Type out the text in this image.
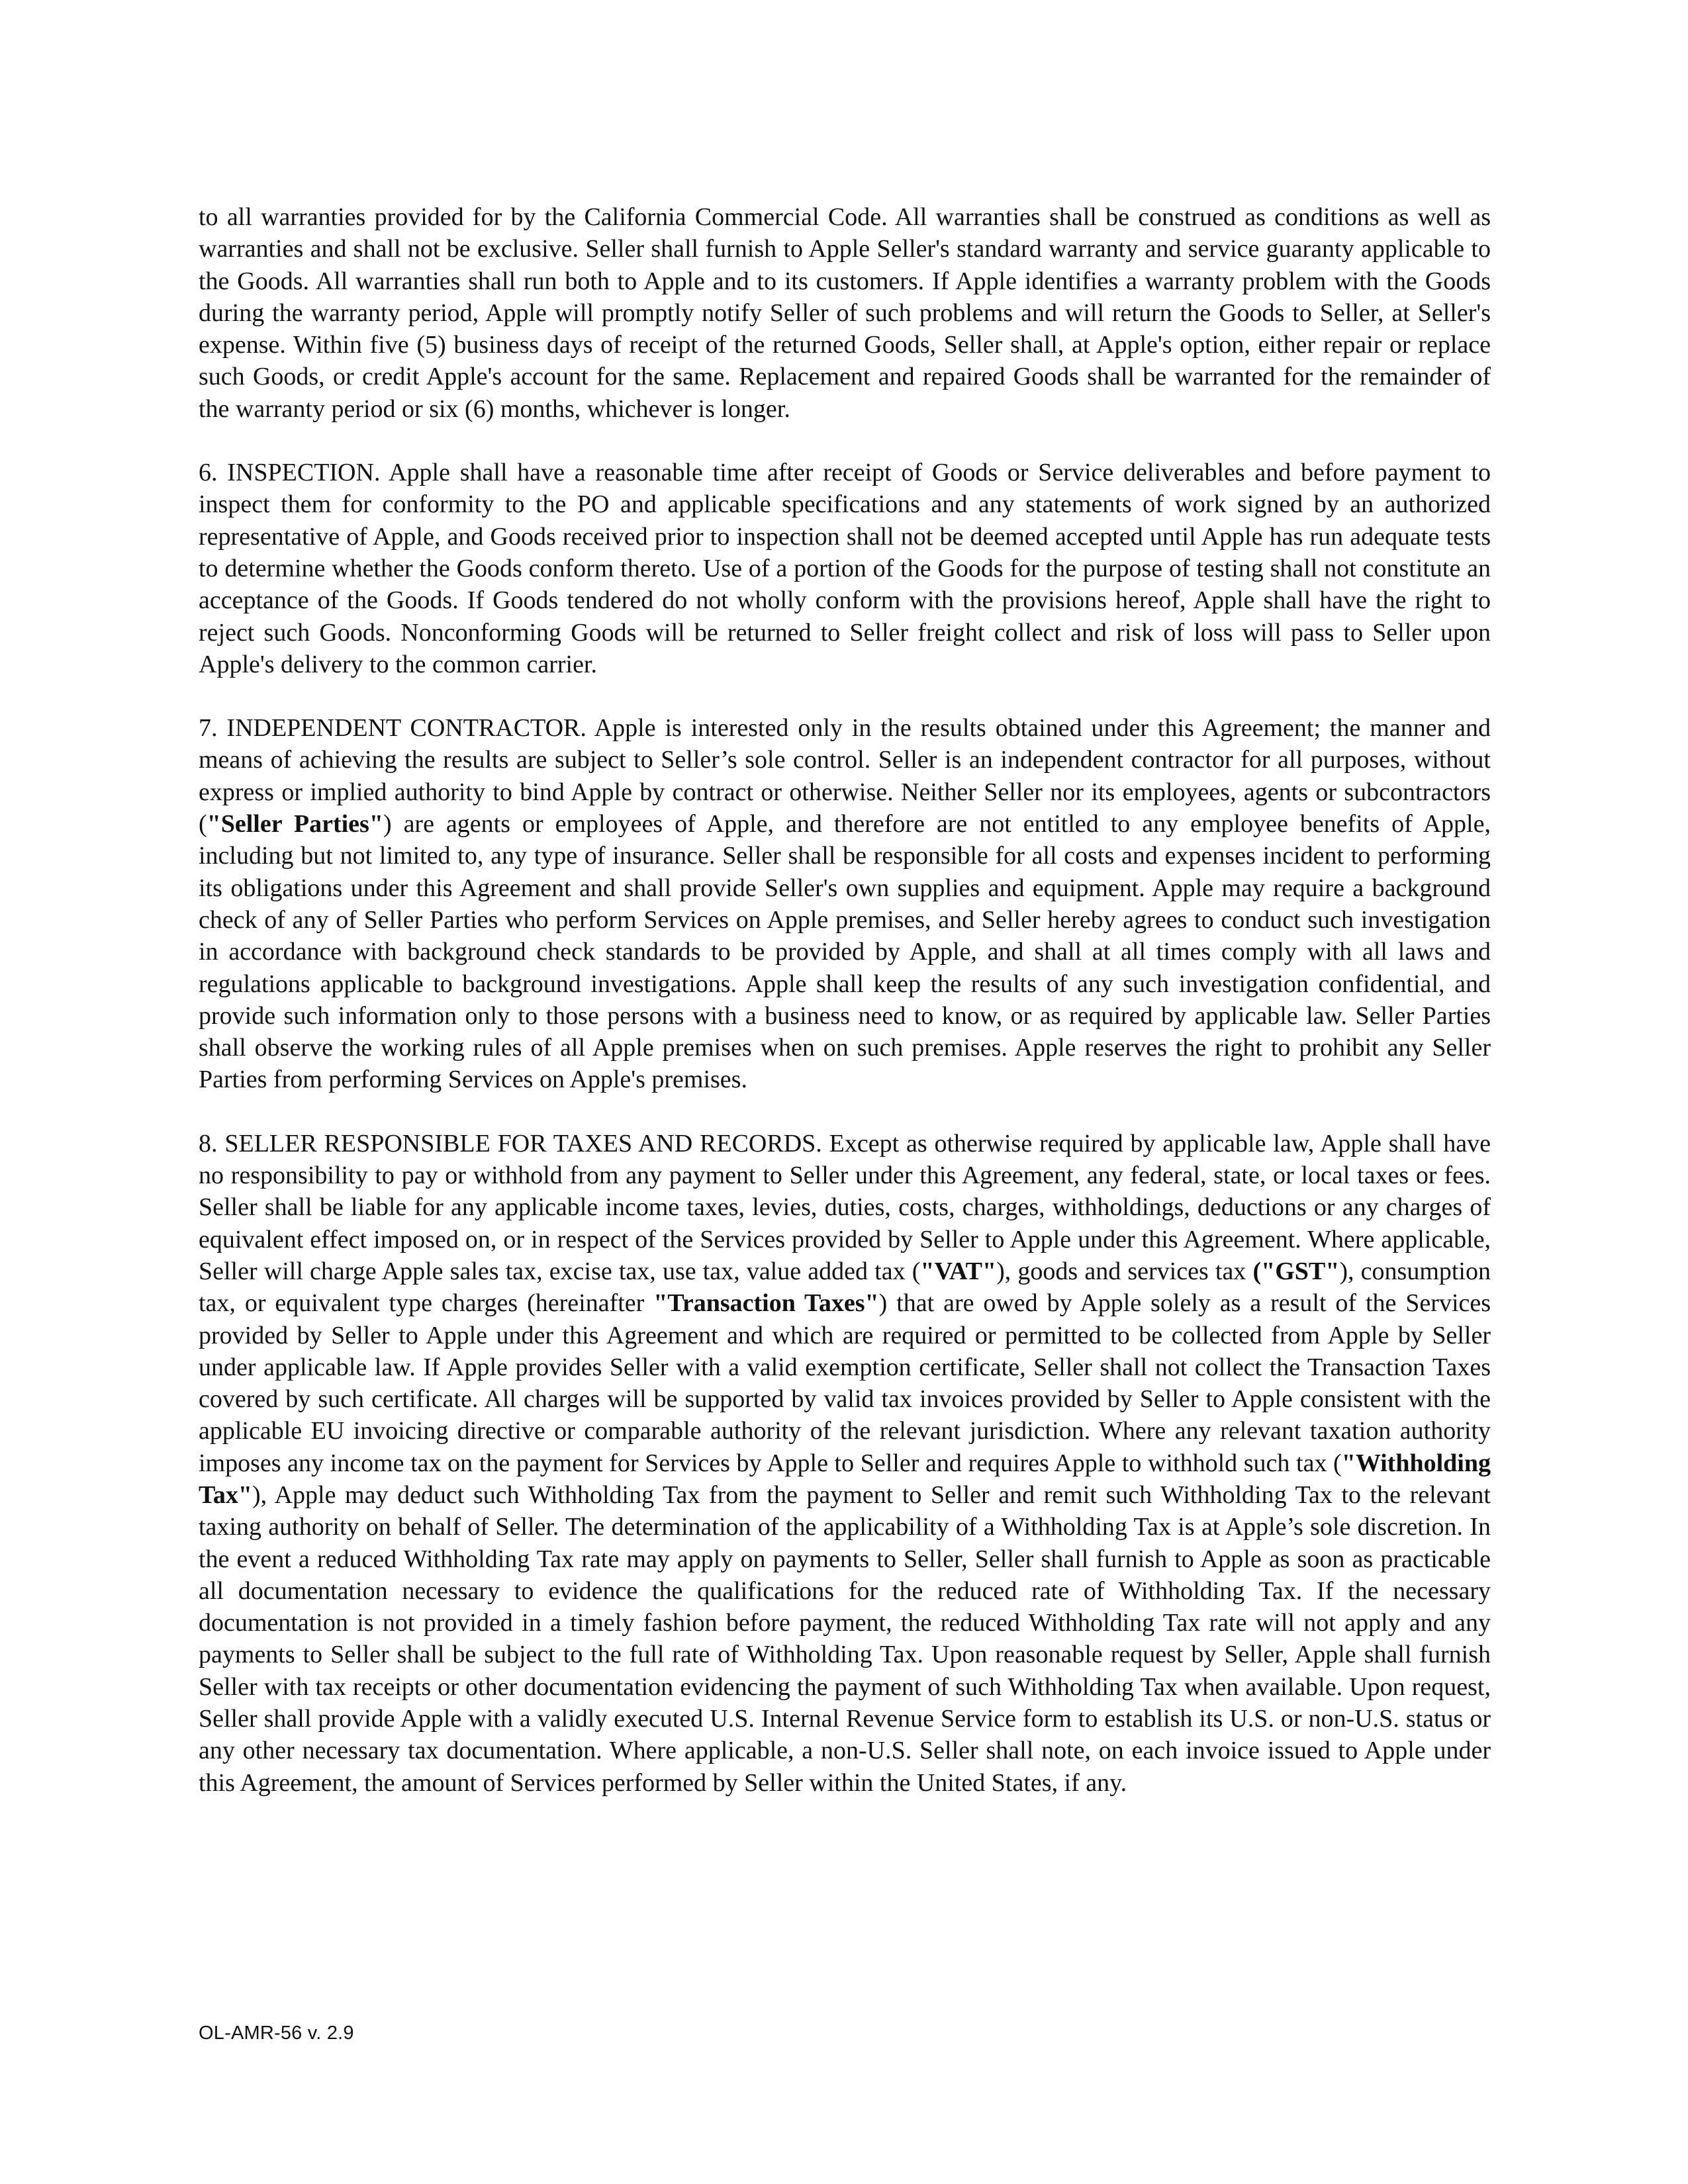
to all warranties provided for by the California Commercial Code. All warranties shall be construed as conditions as well as warranties and shall not be exclusive. Seller shall furnish to Apple Seller's standard warranty and service guaranty applicable to the Goods. All warranties shall run both to Apple and to its customers. If Apple identifies a warranty problem with the Goods during the warranty period, Apple will promptly notify Seller of such problems and will return the Goods to Seller, at Seller's expense. Within five (5) business days of receipt of the returned Goods, Seller shall, at Apple's option, either repair or replace such Goods, or credit Apple's account for the same. Replacement and repaired Goods shall be warranted for the remainder of the warranty period or six (6) months, whichever is longer.

6. INSPECTION. Apple shall have a reasonable time after receipt of Goods or Service deliverables and before payment to inspect them for conformity to the PO and applicable specifications and any statements of work signed by an authorized representative of Apple, and Goods received prior to inspection shall not be deemed accepted until Apple has run adequate tests to determine whether the Goods conform thereto. Use of a portion of the Goods for the purpose of testing shall not constitute an acceptance of the Goods. If Goods tendered do not wholly conform with the provisions hereof, Apple shall have the right to reject such Goods. Nonconforming Goods will be returned to Seller freight collect and risk of loss will pass to Seller upon Apple's delivery to the common carrier.

7. INDEPENDENT CONTRACTOR. Apple is interested only in the results obtained under this Agreement; the manner and means of achieving the results are subject to Seller’s sole control. Seller is an independent contractor for all purposes, without express or implied authority to bind Apple by contract or otherwise. Neither Seller nor its employees, agents or subcontractors ("Seller Parties") are agents or employees of Apple, and therefore are not entitled to any employee benefits of Apple, including but not limited to, any type of insurance. Seller shall be responsible for all costs and expenses incident to performing its obligations under this Agreement and shall provide Seller's own supplies and equipment. Apple may require a background check of any of Seller Parties who perform Services on Apple premises, and Seller hereby agrees to conduct such investigation in accordance with background check standards to be provided by Apple, and shall at all times comply with all laws and regulations applicable to background investigations. Apple shall keep the results of any such investigation confidential, and provide such information only to those persons with a business need to know, or as required by applicable law. Seller Parties shall observe the working rules of all Apple premises when on such premises. Apple reserves the right to prohibit any Seller Parties from performing Services on Apple's premises.

8. SELLER RESPONSIBLE FOR TAXES AND RECORDS. Except as otherwise required by applicable law, Apple shall have no responsibility to pay or withhold from any payment to Seller under this Agreement, any federal, state, or local taxes or fees. Seller shall be liable for any applicable income taxes, levies, duties, costs, charges, withholdings, deductions or any charges of equivalent effect imposed on, or in respect of the Services provided by Seller to Apple under this Agreement. Where applicable, Seller will charge Apple sales tax, excise tax, use tax, value added tax ("VAT"), goods and services tax ("GST"), consumption tax, or equivalent type charges (hereinafter "Transaction Taxes") that are owed by Apple solely as a result of the Services provided by Seller to Apple under this Agreement and which are required or permitted to be collected from Apple by Seller under applicable law. If Apple provides Seller with a valid exemption certificate, Seller shall not collect the Transaction Taxes covered by such certificate. All charges will be supported by valid tax invoices provided by Seller to Apple consistent with the applicable EU invoicing directive or comparable authority of the relevant jurisdiction. Where any relevant taxation authority imposes any income tax on the payment for Services by Apple to Seller and requires Apple to withhold such tax ("Withholding Tax"), Apple may deduct such Withholding Tax from the payment to Seller and remit such Withholding Tax to the relevant taxing authority on behalf of Seller. The determination of the applicability of a Withholding Tax is at Apple’s sole discretion. In the event a reduced Withholding Tax rate may apply on payments to Seller, Seller shall furnish to Apple as soon as practicable all documentation necessary to evidence the qualifications for the reduced rate of Withholding Tax. If the necessary documentation is not provided in a timely fashion before payment, the reduced Withholding Tax rate will not apply and any payments to Seller shall be subject to the full rate of Withholding Tax. Upon reasonable request by Seller, Apple shall furnish Seller with tax receipts or other documentation evidencing the payment of such Withholding Tax when available. Upon request, Seller shall provide Apple with a validly executed U.S. Internal Revenue Service form to establish its U.S. or non-U.S. status or any other necessary tax documentation. Where applicable, a non-U.S. Seller shall note, on each invoice issued to Apple under this Agreement, the amount of Services performed by Seller within the United States, if any.

OL-AMR-56 v. 2.9
